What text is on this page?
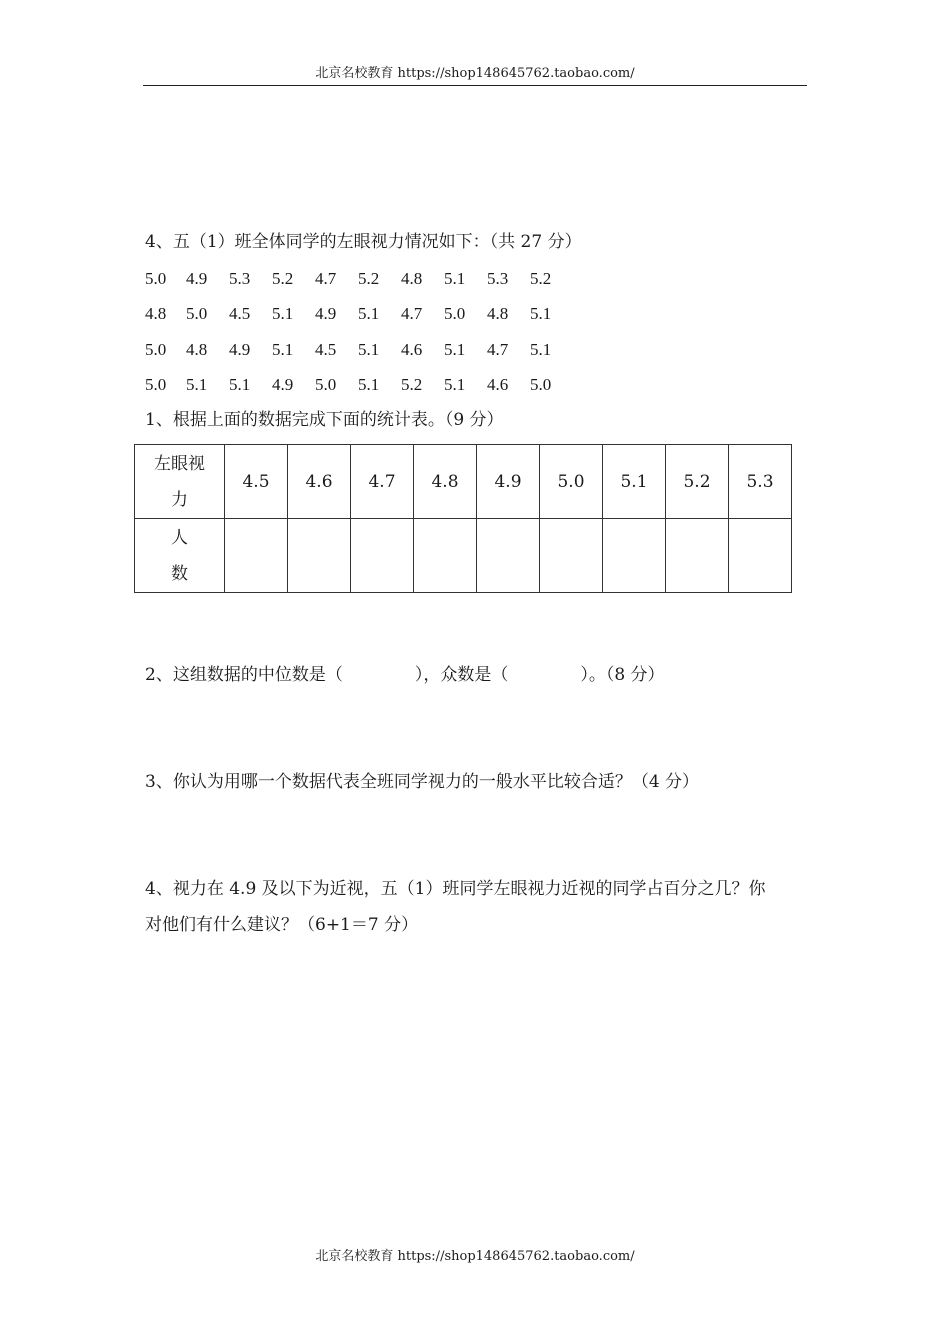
北京名校教育 https://shop148645762.taobao.com/
4、五（1）班全体同学的左眼视力情况如下：（共 27 分）
5.0 4.9 5.3 5.2 4.7 5.2 4.8 5.1 5.3 5.2
4.8 5.0 4.5 5.1 4.9 5.1 4.7 5.0 4.8 5.1
5.0 4.8 4.9 5.1 4.5 5.1 4.6 5.1 4.7 5.1
5.0 5.1 5.1 4.9 5.0 5.1 5.2 5.1 4.6 5.0
1、根据上面的数据完成下面的统计表。（9 分）
左眼视
力	4.5	4.6	4.7	4.8	4.9	5.0	5.1	5.2	5.3

人
数									

2、这组数据的中位数是（	），众数是（	）。（8 分）
3、你认为用哪一个数据代表全班同学视力的一般水平比较合适？（4 分）
4、视力在 4.9 及以下为近视，五（1）班同学左眼视力近视的同学占百分之几？你
对他们有什么建议？（6+1＝7 分）
北京名校教育 https://shop148645762.taobao.com/
